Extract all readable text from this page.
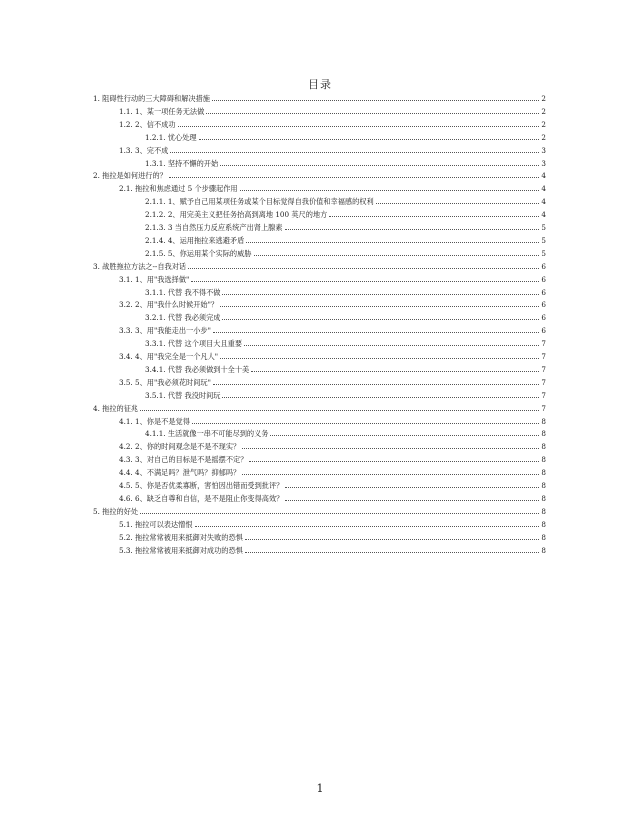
目录
1. 阻碍性行动的三大障碍和解决措施	2
1.1. 1、某一项任务无法做	2
1.2. 2、信不成功	2
1.2.1. 忧心处理	2
1.3. 3、完不成	3
1.3.1. 坚持不懈的开始	3
2. 拖拉是如何进行的？	4
2.1. 拖拉和焦虑通过 5 个步骤起作用	4
2.1.1. 1、赋予自己用某项任务或某个目标觉得自我价值和幸福感的权利	4
2.1.2. 2、用完美主义把任务抬高到离地 100 英尺的地方	4
2.1.3. 3 当自然压力反应系统产出肾上腺素	5
2.1.4. 4、运用拖拉来逃避矛盾	5
2.1.5. 5、你运用某个实际的威胁	5
3. 战胜拖拉方法之--自我对话	6
3.1. 1、用"我选择做"	6
3.1.1. 代替 我不得不做	6
3.2. 2、用"我什么时候开始"？	6
3.2.1. 代替 我必须完成	6
3.3. 3、用"我能走出一小步"	6
3.3.1. 代替 这个项目大且重要	7
3.4. 4、用"我完全是一个凡人"	7
3.4.1. 代替 我必须做到十全十美	7
3.5. 5、用"我必须花时间玩"	7
3.5.1. 代替 我没时间玩	7
4. 拖拉的征兆	7
4.1. 1、你是不是觉得	8
4.1.1. 生活就像一串不可能尽到的义务	8
4.2. 2、你的时间观念是不是不现实？	8
4.3. 3、对自己的目标是不是摇摆不定？	8
4.4. 4、不满足吗？泄气吗？抑郁吗？	8
4.5. 5、你是否优柔寡断，害怕因出错而受到批评？	8
4.6. 6、缺乏自尊和自信，是不是阻止你变得高效？	8
5. 拖拉的好处	8
5.1. 拖拉可以表达憎恨	8
5.2. 拖拉常常被用来抵御对失败的恐惧	8
5.3. 拖拉常常被用来抵御对成功的恐惧	8
1
